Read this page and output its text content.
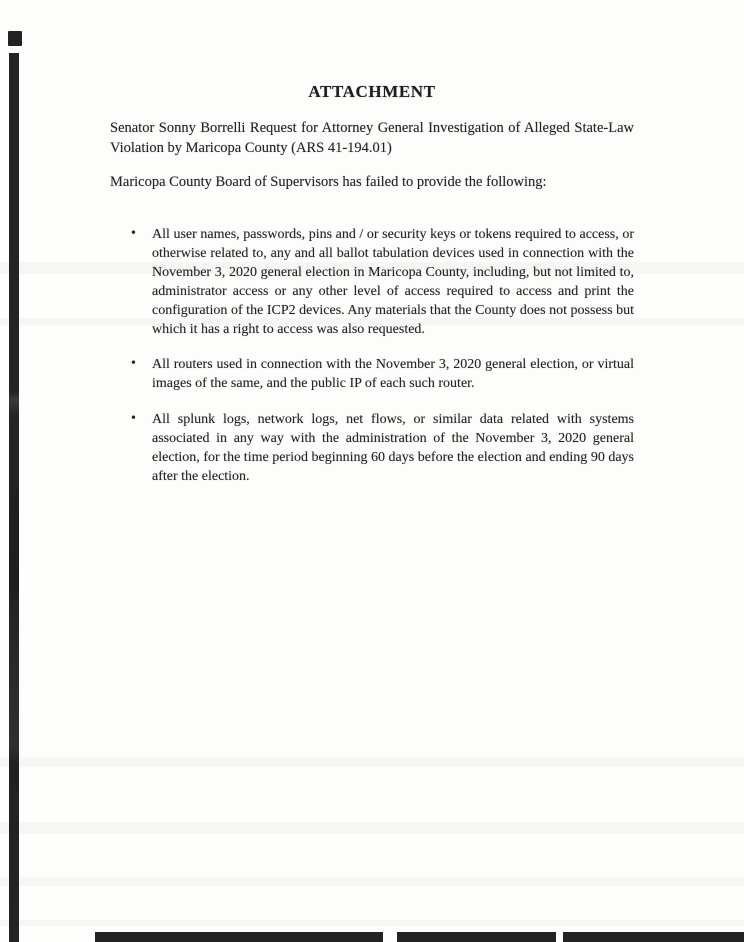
ATTACHMENT

Senator Sonny Borrelli Request for Attorney General Investigation of Alleged State-Law Violation by Maricopa County (ARS 41-194.01)

Maricopa County Board of Supervisors has failed to provide the following:

• All user names, passwords, pins and / or security keys or tokens required to access, or otherwise related to, any and all ballot tabulation devices used in connection with the November 3, 2020 general election in Maricopa County, including, but not limited to, administrator access or any other level of access required to access and print the configuration of the ICP2 devices. Any materials that the County does not possess but which it has a right to access was also requested.
• All routers used in connection with the November 3, 2020 general election, or virtual images of the same, and the public IP of each such router.
• All splunk logs, network logs, net flows, or similar data related with systems associated in any way with the administration of the November 3, 2020 general election, for the time period beginning 60 days before the election and ending 90 days after the election.
